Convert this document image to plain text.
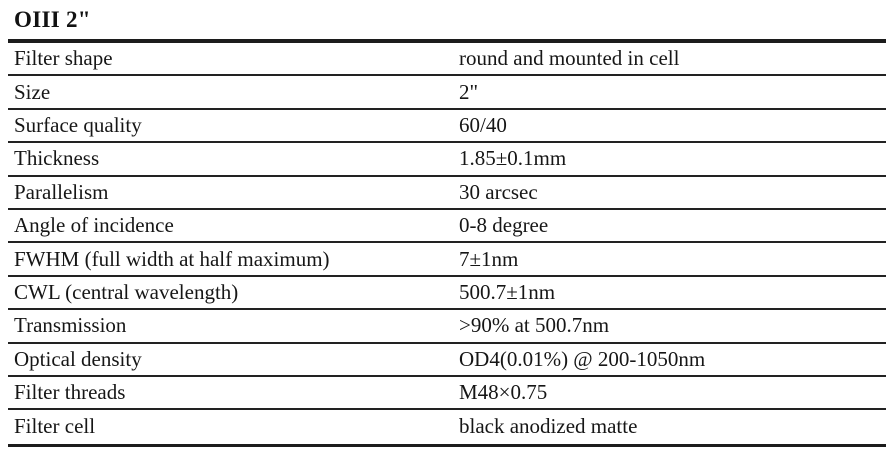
OIII 2"
Filter shape	round and mounted in cell
Size	2"
Surface quality	60/40
Thickness	1.85±0.1mm
Parallelism	30 arcsec
Angle of incidence	0-8 degree
FWHM (full width at half maximum)	7±1nm
CWL (central wavelength)	500.7±1nm
Transmission	>90% at 500.7nm
Optical density	OD4(0.01%) @ 200-1050nm
Filter threads	M48×0.75
Filter cell	black anodized matte
